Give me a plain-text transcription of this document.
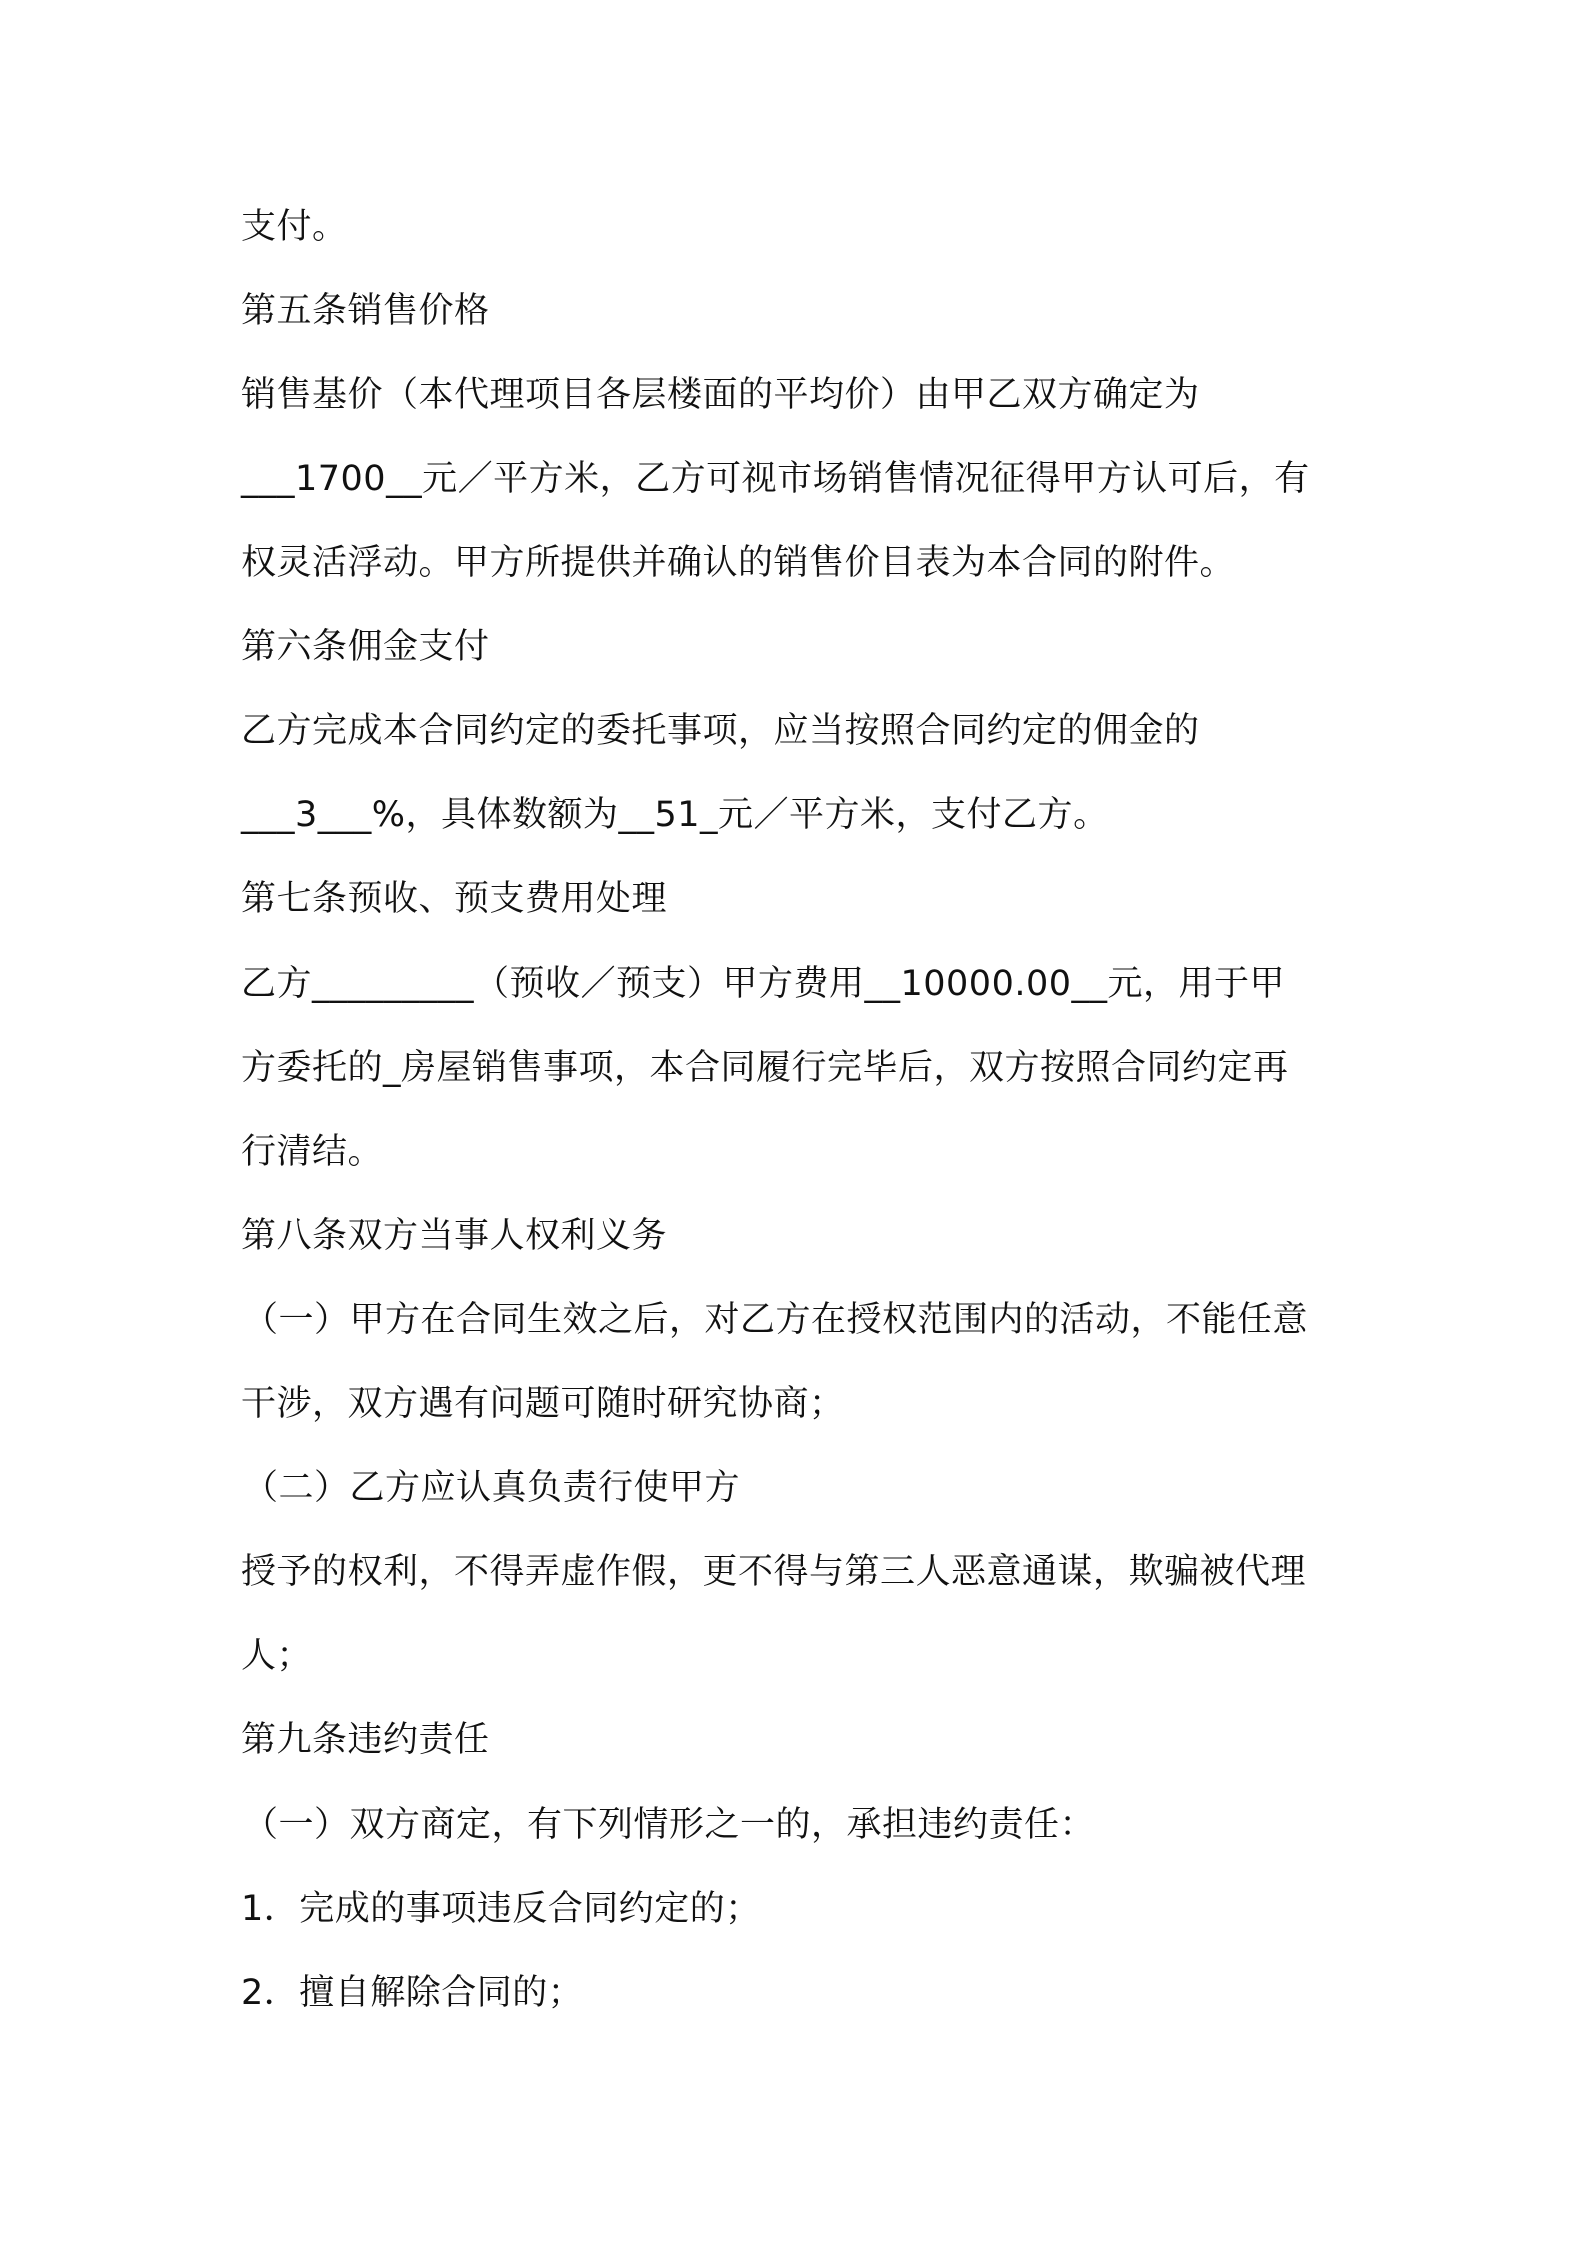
支付。
第五条销售价格
销售基价（本代理项目各层楼面的平均价）由甲乙双方确定为
___1700__元／平方米，乙方可视市场销售情况征得甲方认可后，有
权灵活浮动。甲方所提供并确认的销售价目表为本合同的附件。
第六条佣金支付
乙方完成本合同约定的委托事项，应当按照合同约定的佣金的
___3___%，具体数额为__51_元／平方米，支付乙方。
第七条预收、预支费用处理
乙方_________（预收／预支）甲方费用__10000.00__元，用于甲
方委托的_房屋销售事项，本合同履行完毕后，双方按照合同约定再
行清结。
第八条双方当事人权利义务
（一）甲方在合同生效之后，对乙方在授权范围内的活动，不能任意
干涉，双方遇有问题可随时研究协商；
（二）乙方应认真负责行使甲方
授予的权利，不得弄虚作假，更不得与第三人恶意通谋，欺骗被代理
人；
第九条违约责任
（一）双方商定，有下列情形之一的，承担违约责任：
1．完成的事项违反合同约定的；
2．擅自解除合同的；
